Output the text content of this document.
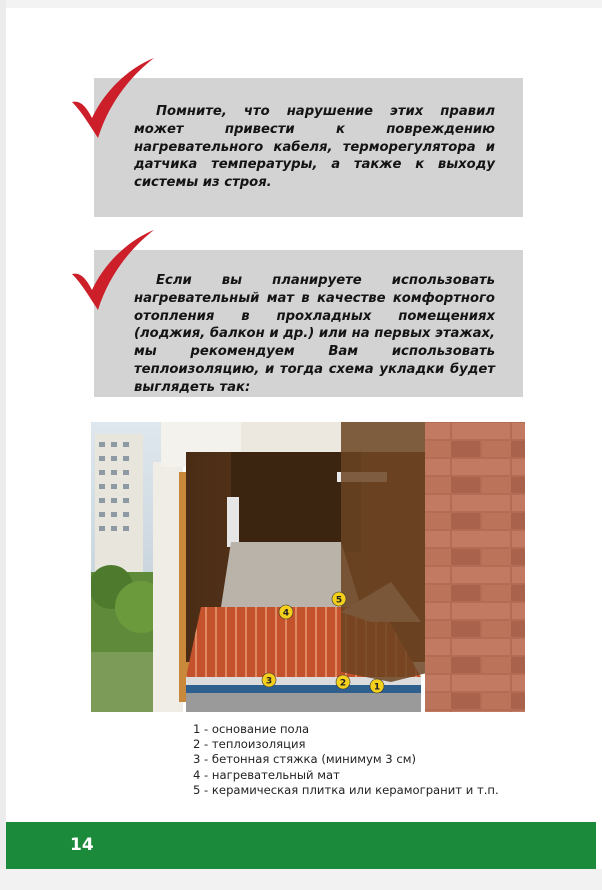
Помните, что нарушение этих правил может привести к повреждению нагревательного кабеля, терморегулятора и датчика температуры, а также к выходу системы из строя.

Если вы планируете использовать нагревательный мат в качестве комфортного отопления в прохладных помещениях (лоджия, балкон и др.) или на первых этажах, мы рекомендуем Вам использовать теплоизоляцию, и тогда схема укладки будет выглядеть так:

4
5
3	2	1
1 - основание пола
2 - теплоизоляция
3 - бетонная стяжка (минимум 3 см)
4 - нагревательный мат
5 - керамическая плитка или керамогранит и т.п.
14
